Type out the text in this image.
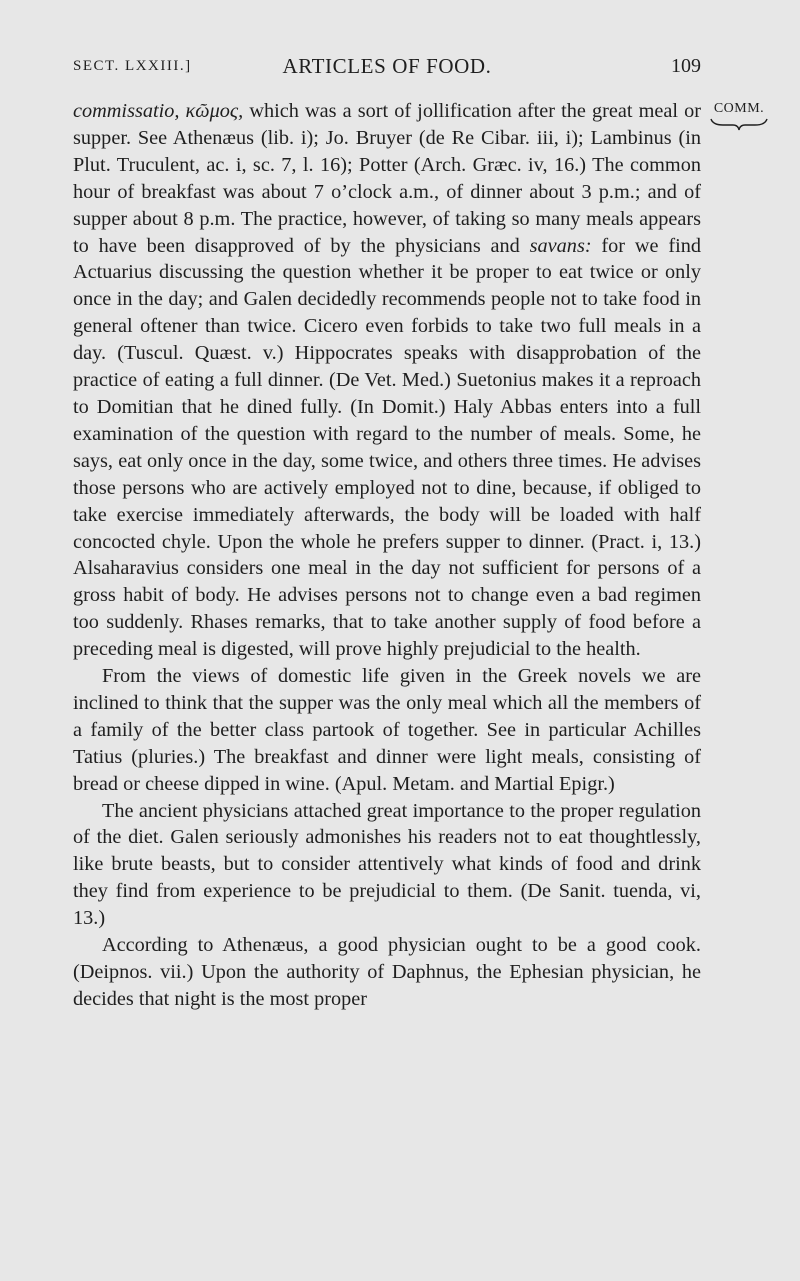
SECT. LXXIII.]	ARTICLES OF FOOD.	109
COMM.

commissatio, κῶμος, which was a sort of jollification after the great meal or supper. See Athenæus (lib. i); Jo. Bruyer (de Re Cibar. iii, i); Lambinus (in Plut. Truculent, ac. i, sc. 7, l. 16); Potter (Arch. Græc. iv, 16.) The common hour of breakfast was about 7 o’clock a.m., of dinner about 3 p.m.; and of supper about 8 p.m. The practice, however, of taking so many meals appears to have been disapproved of by the physicians and savans: for we find Actuarius discussing the question whether it be proper to eat twice or only once in the day; and Galen decidedly recommends people not to take food in general oftener than twice. Cicero even forbids to take two full meals in a day. (Tuscul. Quæst. v.) Hippocrates speaks with disapprobation of the practice of eating a full dinner. (De Vet. Med.) Suetonius makes it a reproach to Domitian that he dined fully. (In Domit.) Haly Abbas enters into a full examination of the question with regard to the number of meals. Some, he says, eat only once in the day, some twice, and others three times. He advises those persons who are actively employed not to dine, because, if obliged to take exercise immediately afterwards, the body will be loaded with half concocted chyle. Upon the whole he prefers supper to dinner. (Pract. i, 13.) Alsaharavius considers one meal in the day not sufficient for persons of a gross habit of body. He advises persons not to change even a bad regimen too suddenly. Rhases remarks, that to take another supply of food before a preceding meal is digested, will prove highly prejudicial to the health.

From the views of domestic life given in the Greek novels we are inclined to think that the supper was the only meal which all the members of a family of the better class partook of together. See in particular Achilles Tatius (pluries.) The breakfast and dinner were light meals, consisting of bread or cheese dipped in wine. (Apul. Metam. and Martial Epigr.)

The ancient physicians attached great importance to the proper regulation of the diet. Galen seriously admonishes his readers not to eat thoughtlessly, like brute beasts, but to consider attentively what kinds of food and drink they find from experience to be prejudicial to them. (De Sanit. tuenda, vi, 13.)

According to Athenæus, a good physician ought to be a good cook. (Deipnos. vii.) Upon the authority of Daphnus, the Ephesian physician, he decides that night is the most proper
